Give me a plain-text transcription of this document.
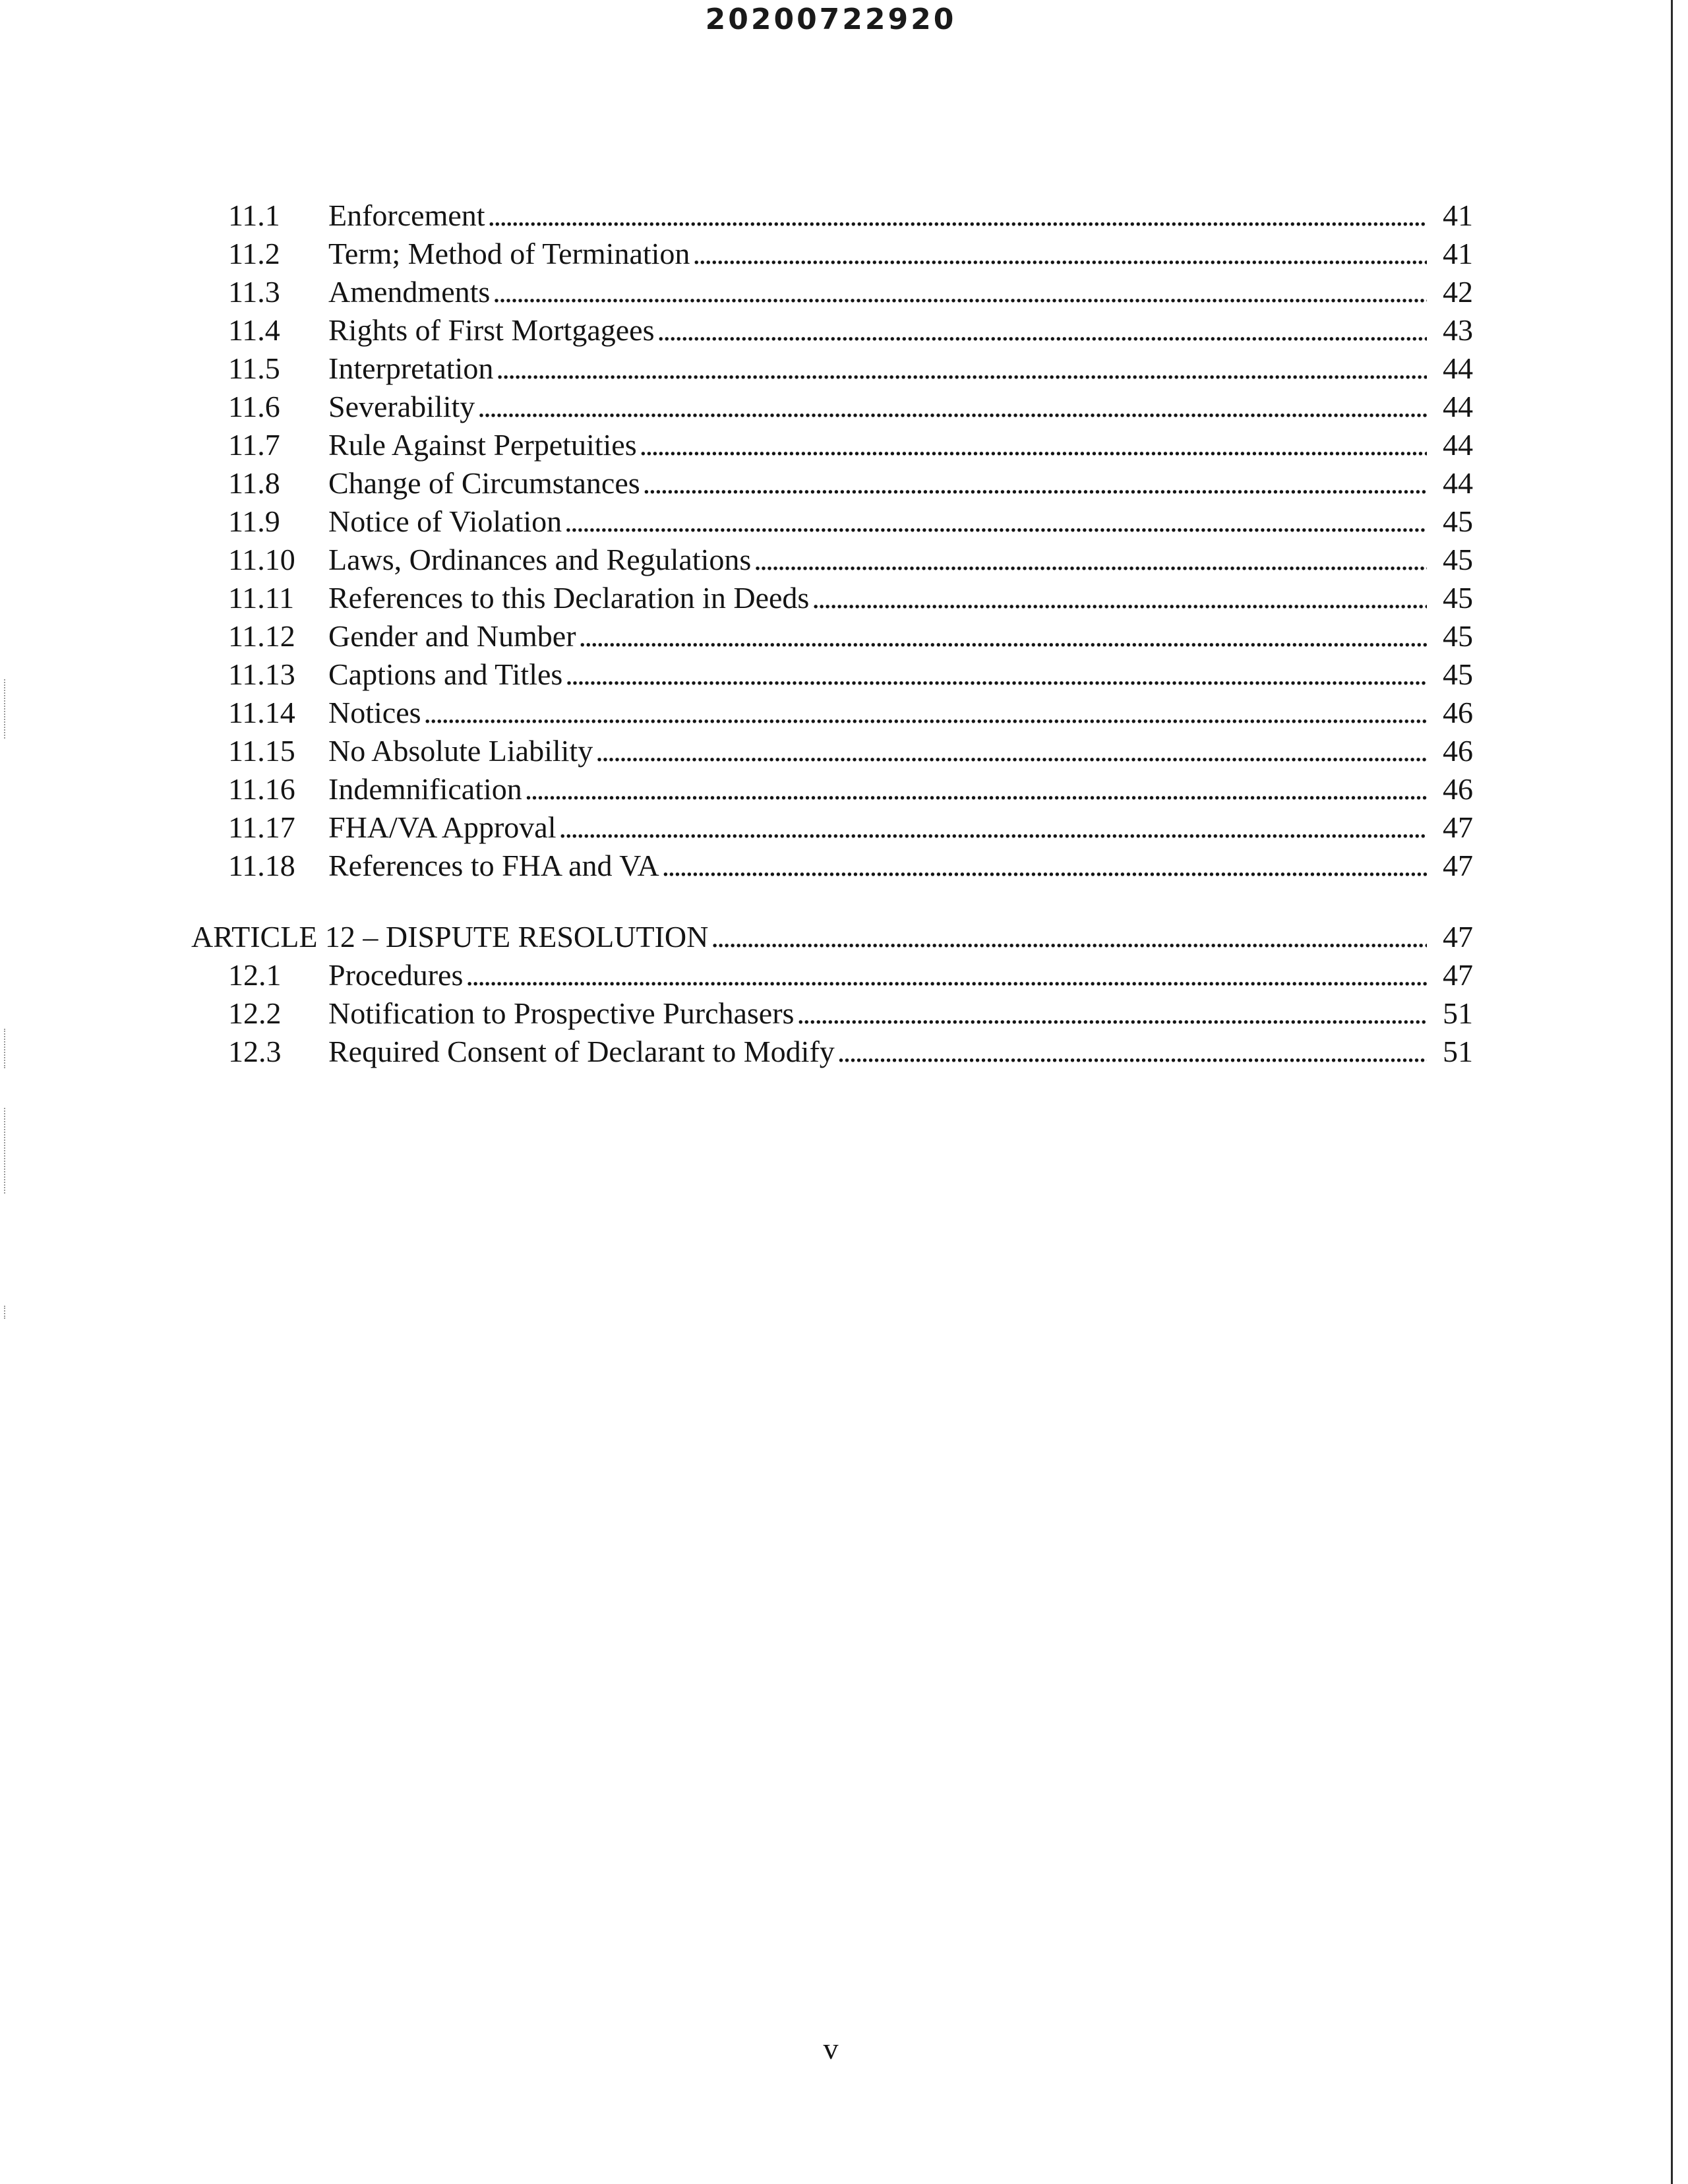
20200722920
11.1	Enforcement . . .	41
11.2	Term; Method of Termination . . .	41
11.3	Amendments . . .	42
11.4	Rights of First Mortgagees . . .	43
11.5	Interpretation . . .	44
11.6	Severability . . .	44
11.7	Rule Against Perpetuities . . .	44
11.8	Change of Circumstances . . .	44
11.9	Notice of Violation . . .	45
11.10	Laws, Ordinances and Regulations . . .	45
11.11	References to this Declaration in Deeds . . .	45
11.12	Gender and Number . . .	45
11.13	Captions and Titles . . .	45
11.14	Notices . . .	46
11.15	No Absolute Liability . . .	46
11.16	Indemnification . . .	46
11.17	FHA/VA Approval . . .	47
11.18	References to FHA and VA . . .	47
ARTICLE 12 – DISPUTE RESOLUTION . . .	47
12.1	Procedures . . .	47
12.2	Notification to Prospective Purchasers . . .	51
12.3	Required Consent of Declarant to Modify . . .	51
v
